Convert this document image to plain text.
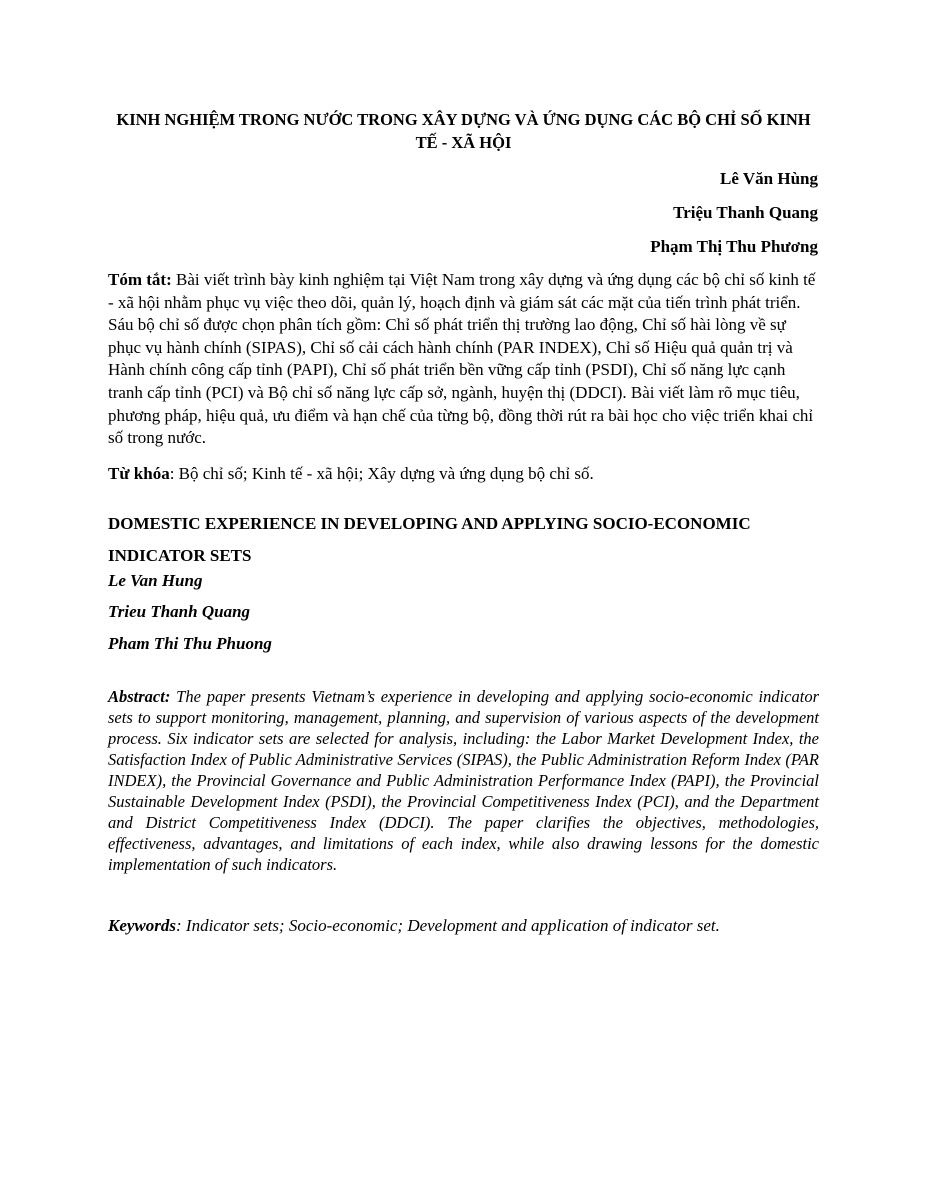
KINH NGHIỆM TRONG NƯỚC TRONG XÂY DỰNG VÀ ỨNG DỤNG CÁC BỘ CHỈ SỐ KINH TẾ - XÃ HỘI
Lê Văn Hùng
Triệu Thanh Quang
Phạm Thị Thu Phương

Tóm tắt: Bài viết trình bày kinh nghiệm tại Việt Nam trong xây dựng và ứng dụng các bộ chỉ số kinh tế - xã hội nhằm phục vụ việc theo dõi, quản lý, hoạch định và giám sát các mặt của tiến trình phát triển. Sáu bộ chỉ số được chọn phân tích gồm: Chỉ số phát triển thị trường lao động, Chỉ số hài lòng về sự phục vụ hành chính (SIPAS), Chỉ số cải cách hành chính (PAR INDEX), Chỉ số Hiệu quả quản trị và Hành chính công cấp tỉnh (PAPI), Chỉ số phát triển bền vững cấp tỉnh (PSDI), Chỉ số năng lực cạnh tranh cấp tỉnh (PCI) và Bộ chỉ số năng lực cấp sở, ngành, huyện thị (DDCI). Bài viết làm rõ mục tiêu, phương pháp, hiệu quả, ưu điểm và hạn chế của từng bộ, đồng thời rút ra bài học cho việc triển khai chỉ số trong nước.

Từ khóa: Bộ chỉ số; Kinh tế - xã hội; Xây dựng và ứng dụng bộ chỉ số.

DOMESTIC EXPERIENCE IN DEVELOPING AND APPLYING SOCIO-ECONOMIC INDICATOR SETS

Le Van Hung
Trieu Thanh Quang
Pham Thi Thu Phuong

Abstract: The paper presents Vietnam’s experience in developing and applying socio-economic indicator sets to support monitoring, management, planning, and supervision of various aspects of the development process. Six indicator sets are selected for analysis, including: the Labor Market Development Index, the Satisfaction Index of Public Administrative Services (SIPAS), the Public Administration Reform Index (PAR INDEX), the Provincial Governance and Public Administration Performance Index (PAPI), the Provincial Sustainable Development Index (PSDI), the Provincial Competitiveness Index (PCI), and the Department and District Competitiveness Index (DDCI). The paper clarifies the objectives, methodologies, effectiveness, advantages, and limitations of each index, while also drawing lessons for the domestic implementation of such indicators.

Keywords: Indicator sets; Socio-economic; Development and application of indicator set.
